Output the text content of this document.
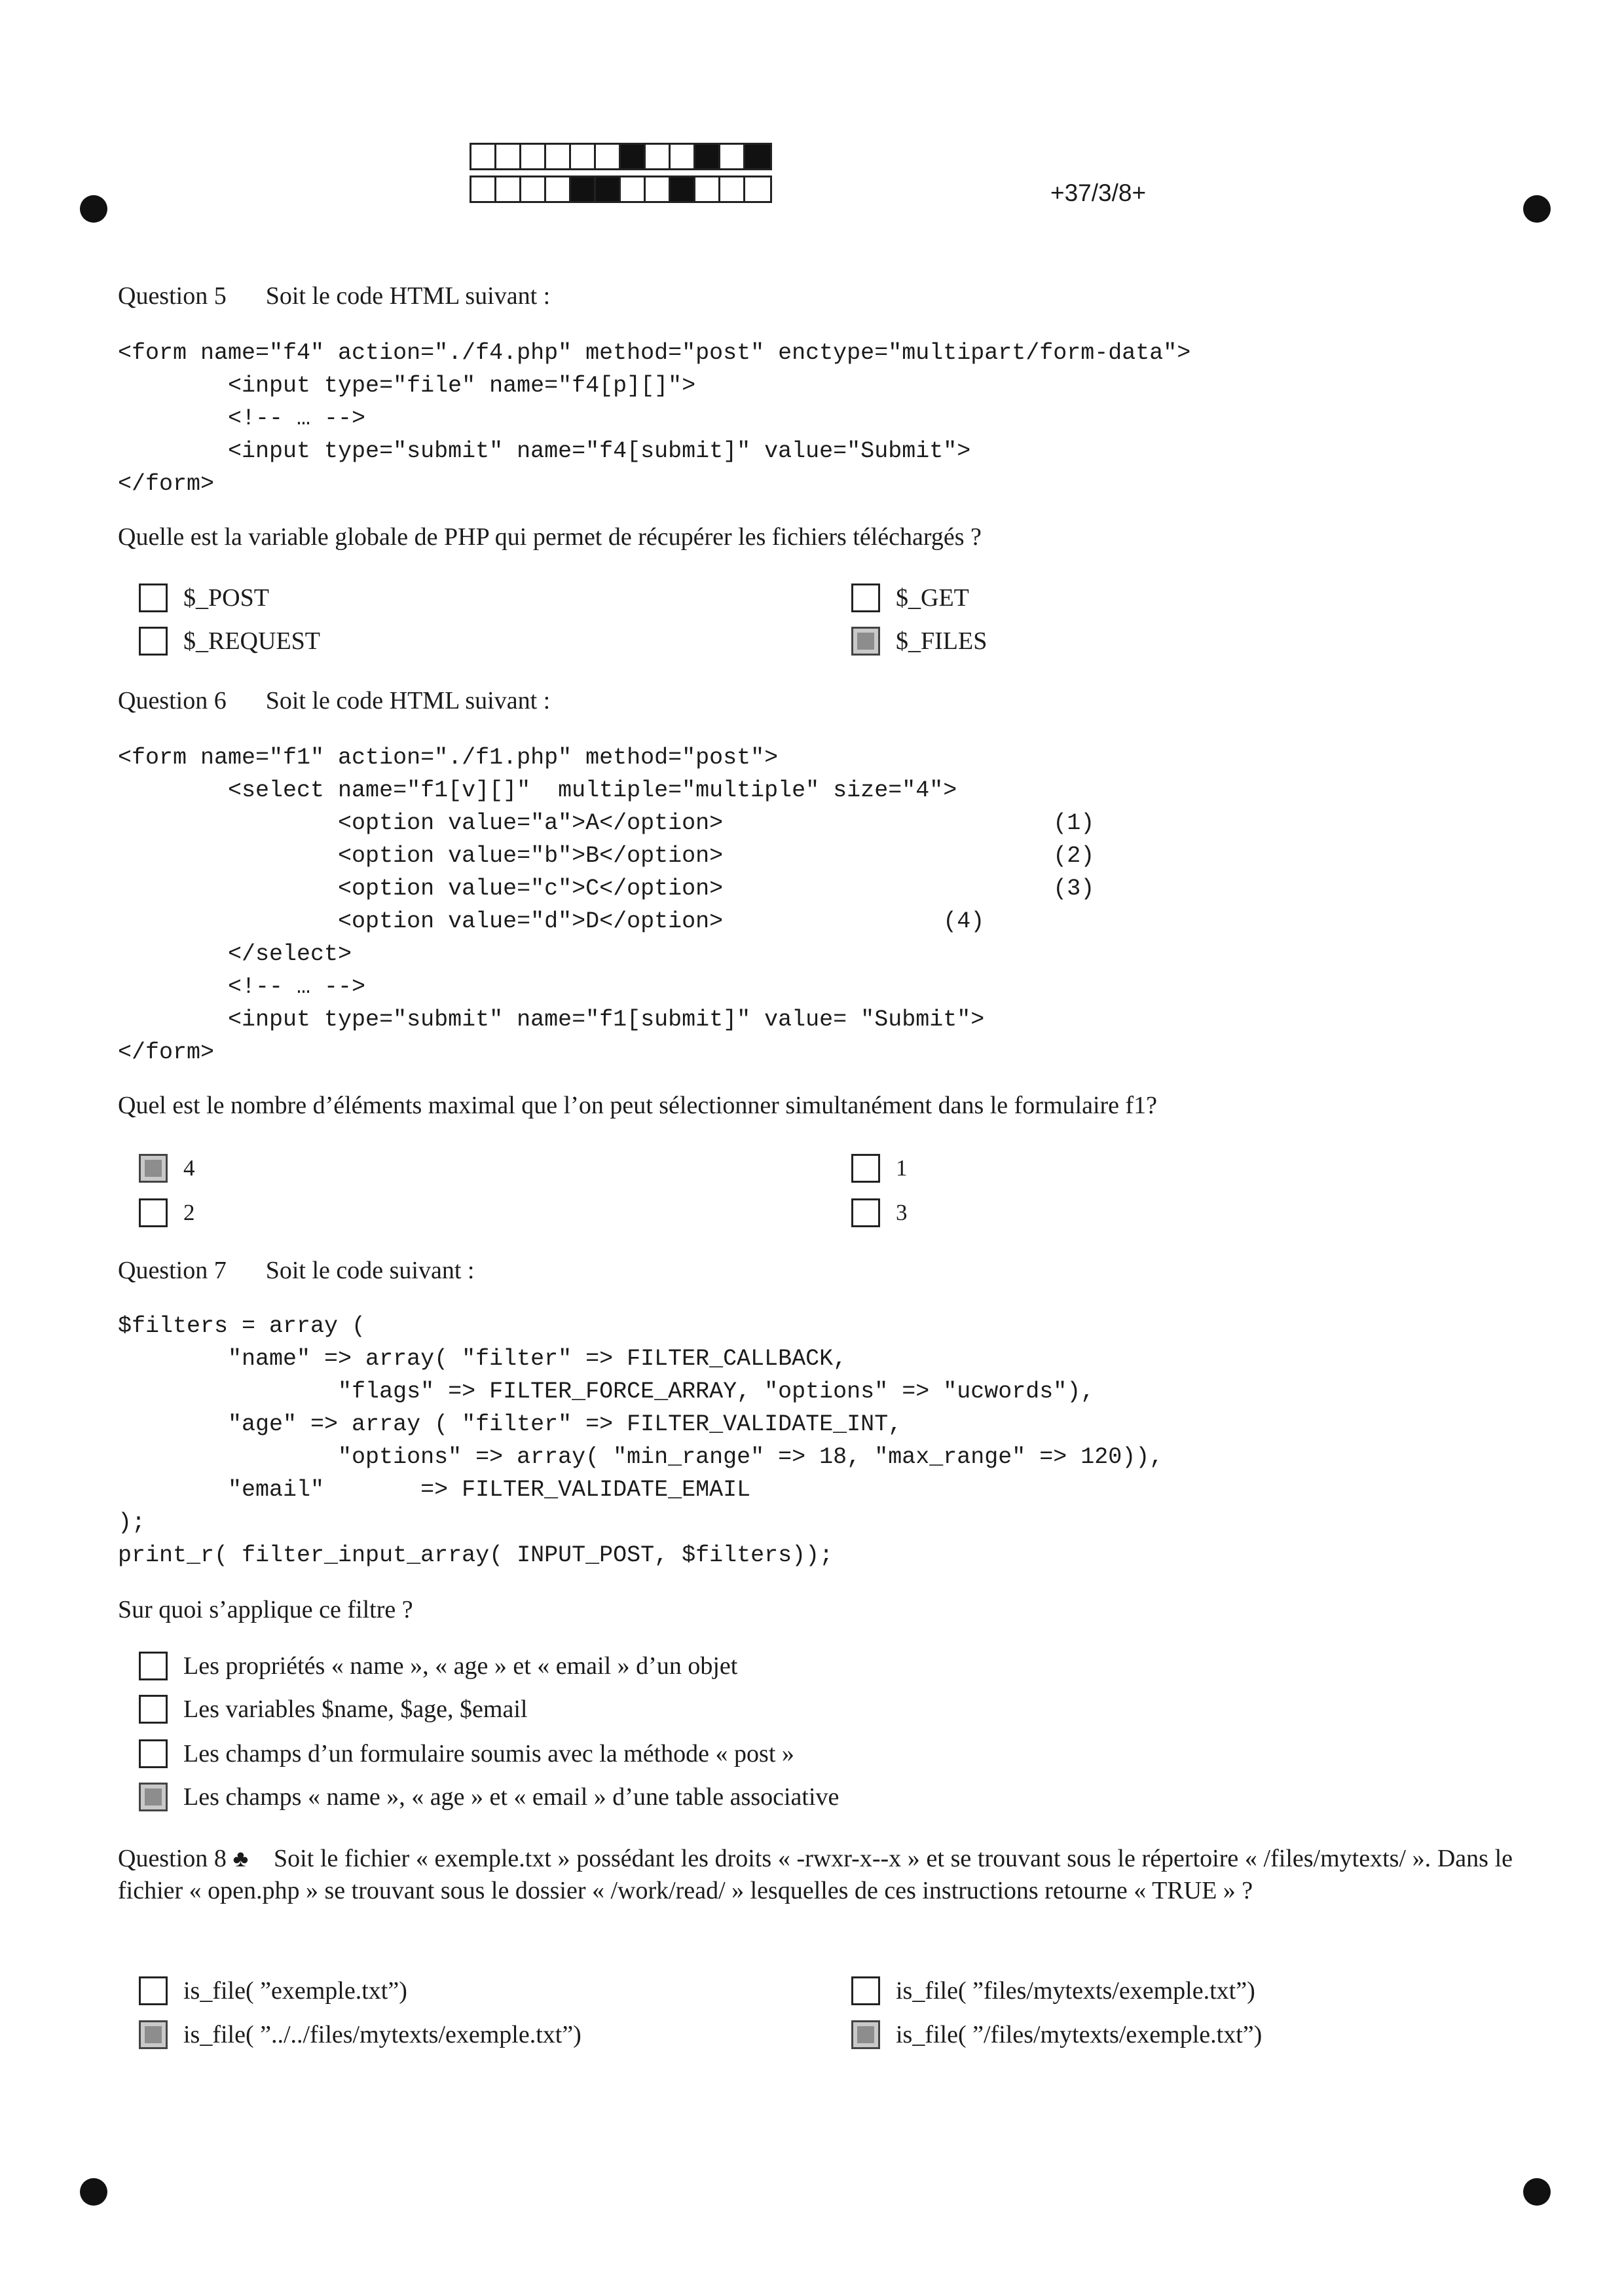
+37/3/8+
Question 5 Soit le code HTML suivant :
<form name="f4" action="./f4.php" method="post" enctype="multipart/form-data">
<input type="file" name="f4[p][]">
<!-- … -->
<input type="submit" name="f4[submit]" value="Submit">
</form>
Quelle est la variable globale de PHP qui permet de récupérer les fichiers téléchargés ?
$_POST	$_GET
$_REQUEST	$_FILES
Question 6 Soit le code HTML suivant :
<form name="f1" action="./f1.php" method="post">
<select name="f1[v][]"  multiple="multiple" size="4">
<option value="a">A</option>                        (1)
<option value="b">B</option>                        (2)
<option value="c">C</option>                        (3)
<option value="d">D</option>                (4)
</select>
<!-- … -->
<input type="submit" name="f1[submit]" value= "Submit">
</form>
Quel est le nombre d’éléments maximal que l’on peut sélectionner simultanément dans le formulaire f1?
4	1
2	3
Question 7 Soit le code suivant :
$filters = array (
"name" => array( "filter" => FILTER_CALLBACK,
"flags" => FILTER_FORCE_ARRAY, "options" => "ucwords"),
"age" => array ( "filter" => FILTER_VALIDATE_INT,
"options" => array( "min_range" => 18, "max_range" => 120)),
"email"       => FILTER_VALIDATE_EMAIL
);
print_r( filter_input_array( INPUT_POST, $filters));
Sur quoi s’applique ce filtre ?
Les propriétés « name », « age » et « email » d’un objet
Les variables $name, $age, $email
Les champs d’un formulaire soumis avec la méthode « post »
Les champs « name », « age » et « email » d’une table associative
Question 8 ♣ Soit le fichier « exemple.txt » possédant les droits « -rwxr-x--x » et se trouvant sous le répertoire « /files/mytexts/ ». Dans le fichier « open.php » se trouvant sous le dossier « /work/read/ » lesquelles de ces instructions retourne « TRUE » ?
is_file( ”exemple.txt”)	is_file( ”files/mytexts/exemple.txt”)
is_file( ”../../files/mytexts/exemple.txt”)	is_file( ”/files/mytexts/exemple.txt”)
